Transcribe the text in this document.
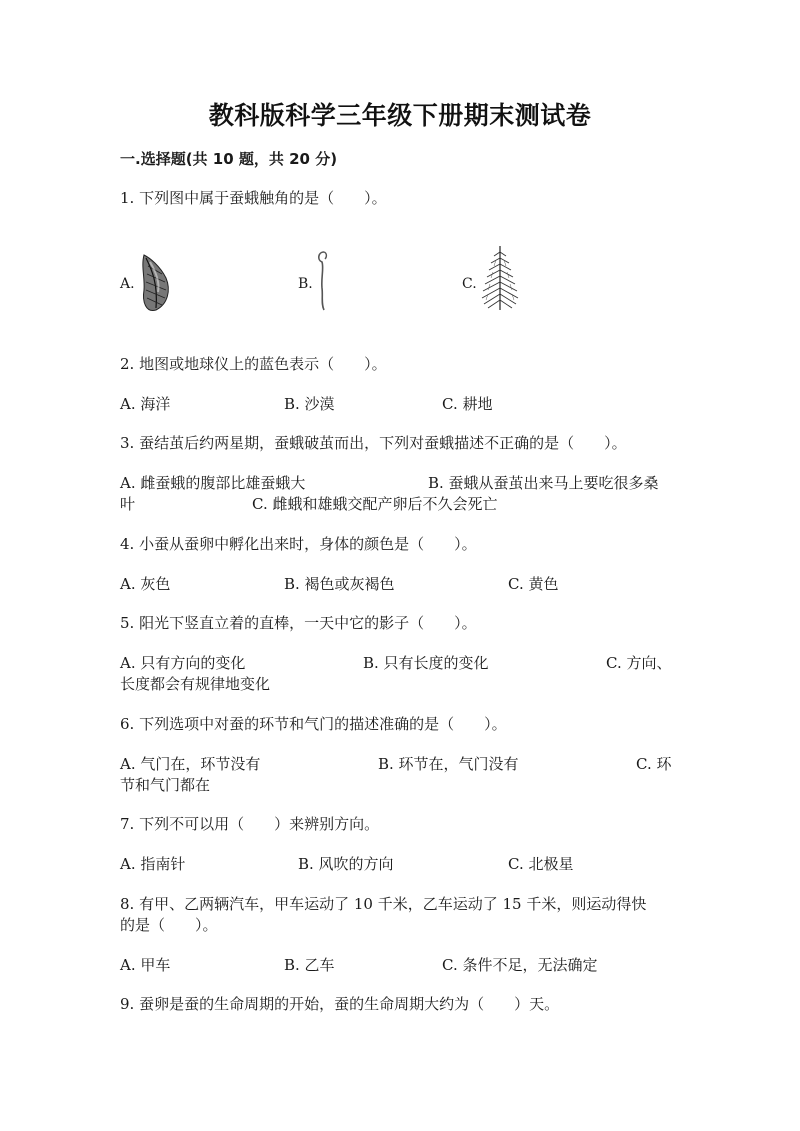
教科版科学三年级下册期末测试卷
一.选择题(共 10 题，共 20 分)
1. 下列图中属于蚕蛾触角的是（　　）。
A.	B.	C.
2. 地图或地球仪上的蓝色表示（　　）。
A. 海洋	B. 沙漠	C. 耕地
3. 蚕结茧后约两星期，蚕蛾破茧而出，下列对蚕蛾描述不正确的是（　　）。
A. 雌蚕蛾的腹部比雄蚕蛾大	B. 蚕蛾从蚕茧出来马上要吃很多桑
叶	C. 雌蛾和雄蛾交配产卵后不久会死亡
4. 小蚕从蚕卵中孵化出来时，身体的颜色是（　　）。
A. 灰色	B. 褐色或灰褐色	C. 黄色
5. 阳光下竖直立着的直棒，一天中它的影子（　　）。
A. 只有方向的变化	B. 只有长度的变化	C. 方向、
长度都会有规律地变化
6. 下列选项中对蚕的环节和气门的描述准确的是（　　）。
A. 气门在，环节没有	B. 环节在，气门没有	C. 环
节和气门都在
7. 下列不可以用（　　）来辨别方向。
A. 指南针	B. 风吹的方向	C. 北极星
8. 有甲、乙两辆汽车，甲车运动了 10 千米，乙车运动了 15 千米，则运动得快
的是（　　）。
A. 甲车	B. 乙车	C. 条件不足，无法确定
9. 蚕卵是蚕的生命周期的开始，蚕的生命周期大约为（　　）天。
